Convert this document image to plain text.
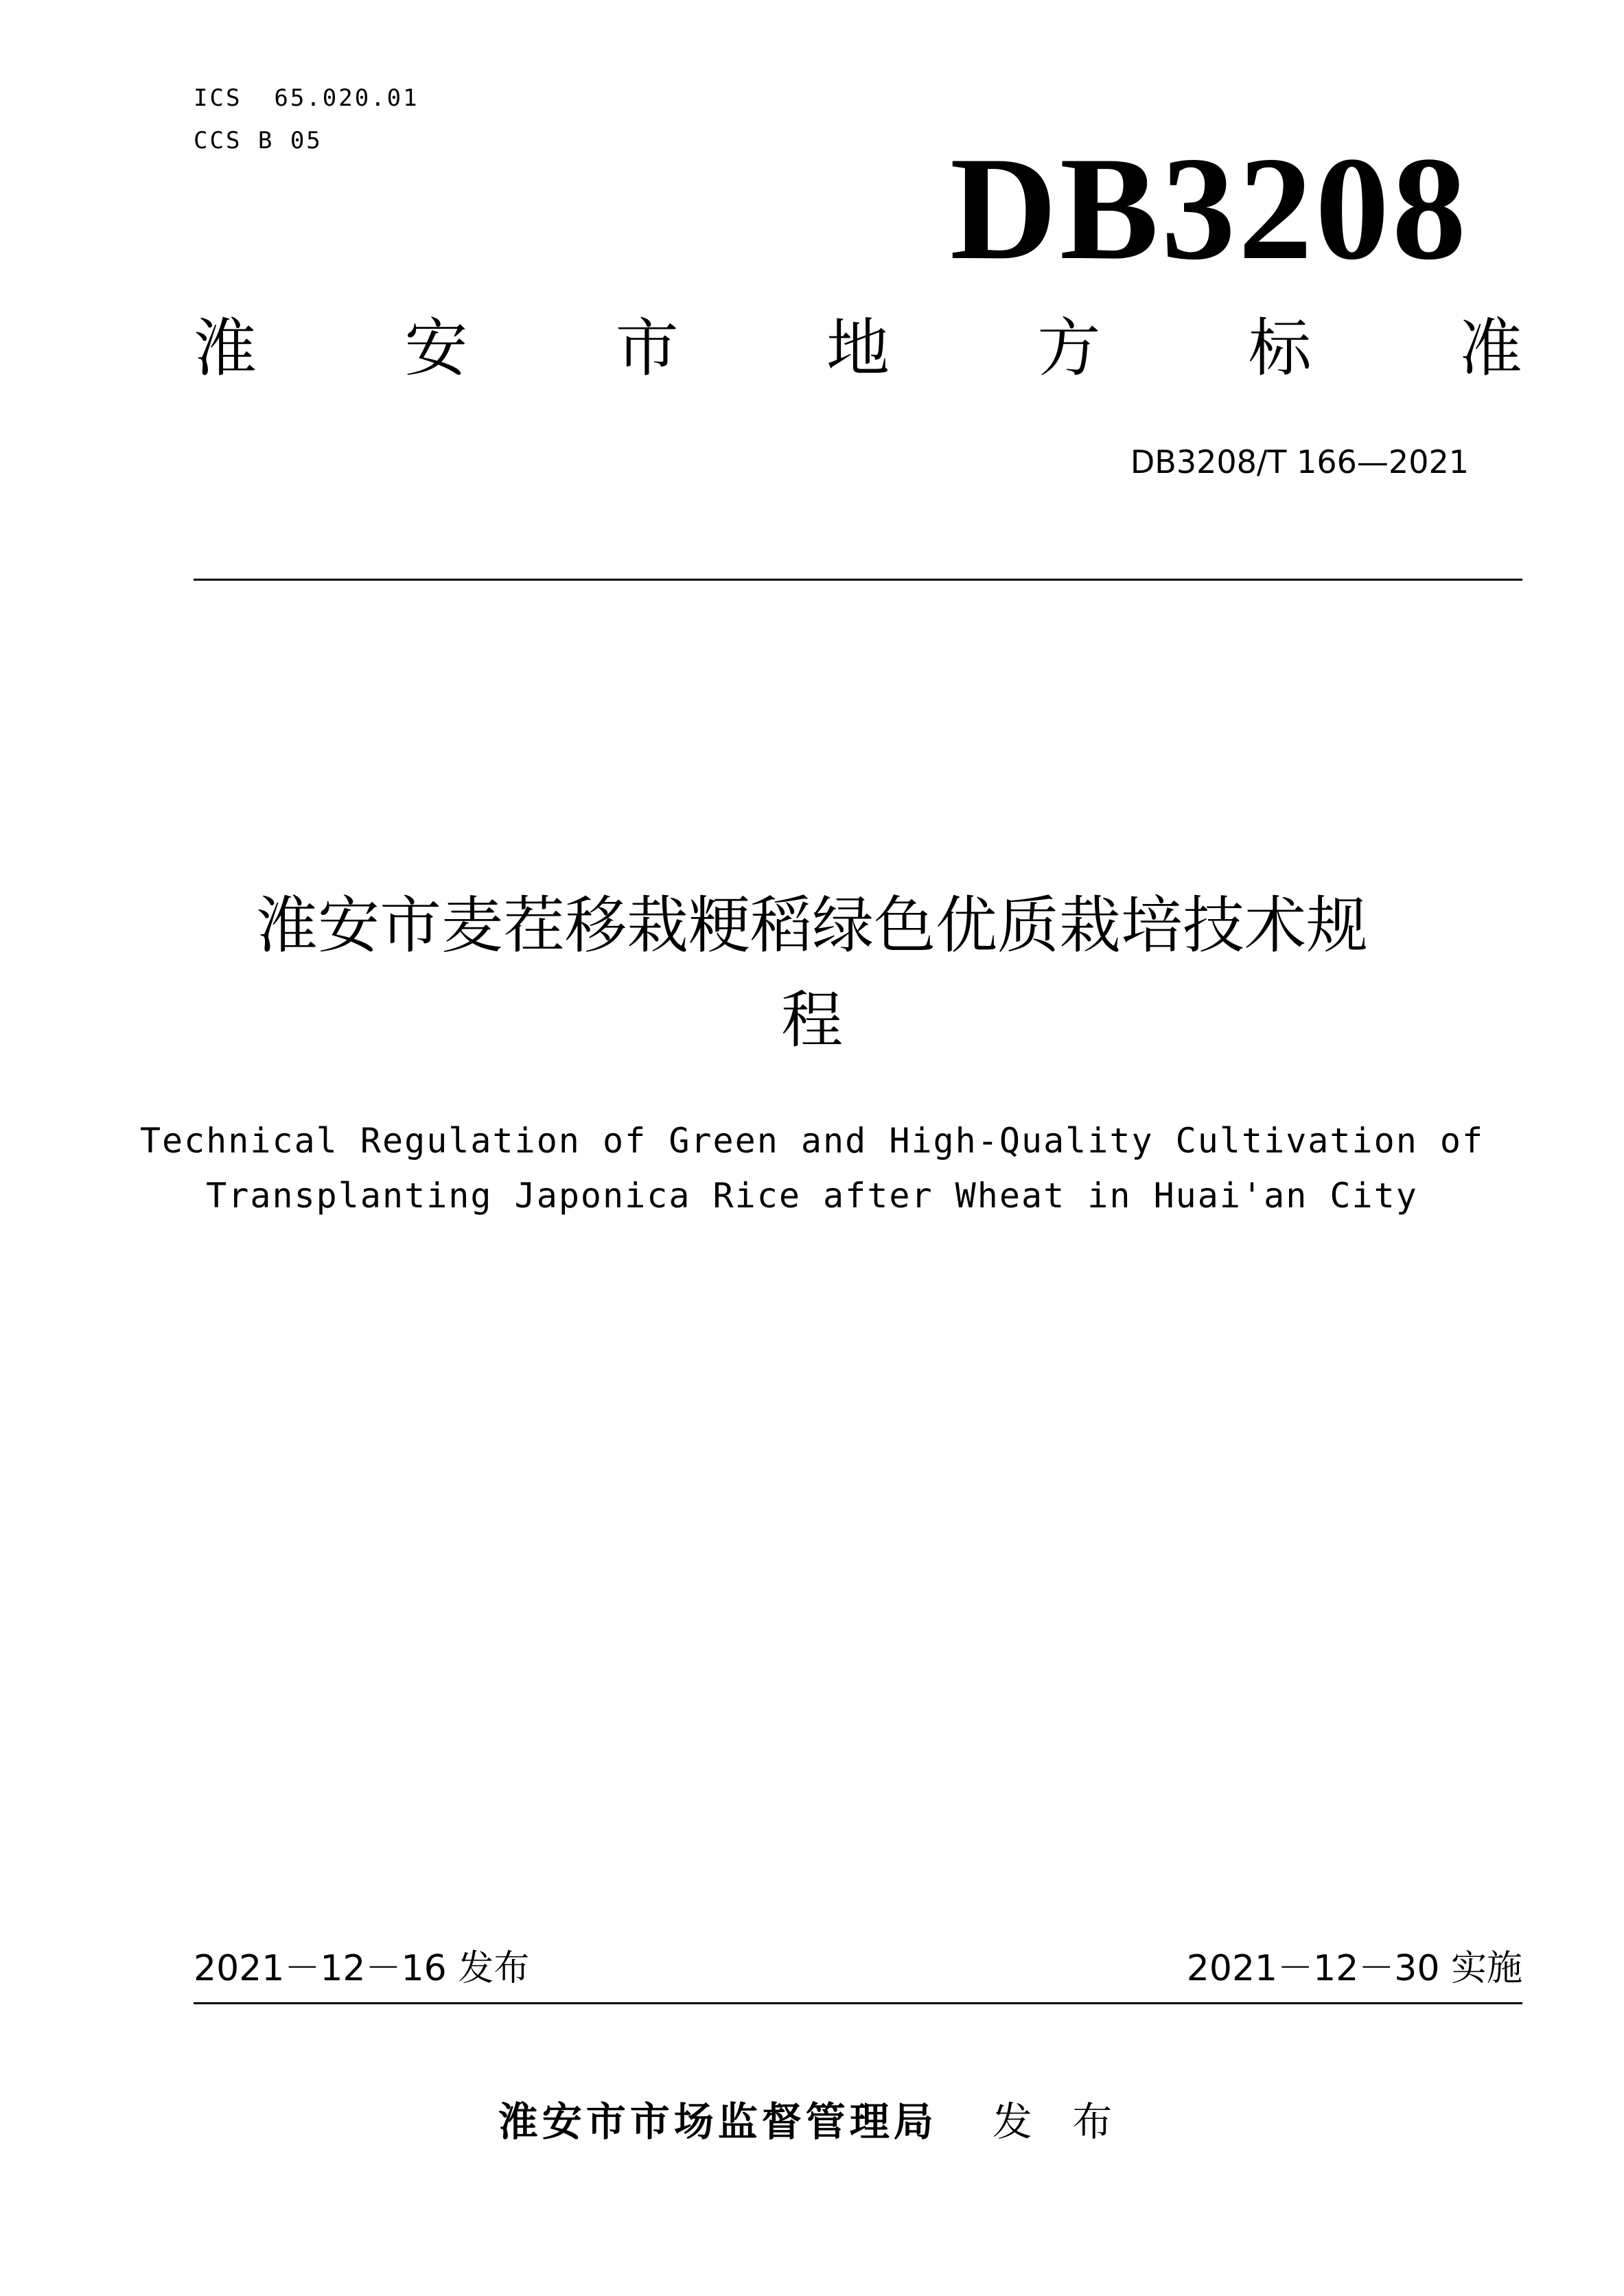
ICS  65.020.01
CCS B 05	DB3208
淮 安 市 地 方 标 准
DB3208/T 166—2021
淮安市麦茬移栽粳稻绿色优质栽培技术规
程
Technical Regulation of Green and High-Quality Cultivation of
Transplanting Japonica Rice after Wheat in Huai'an City
2021－12－16 发布	2021－12－30 实施
淮安市市场监督管理局 发 布
